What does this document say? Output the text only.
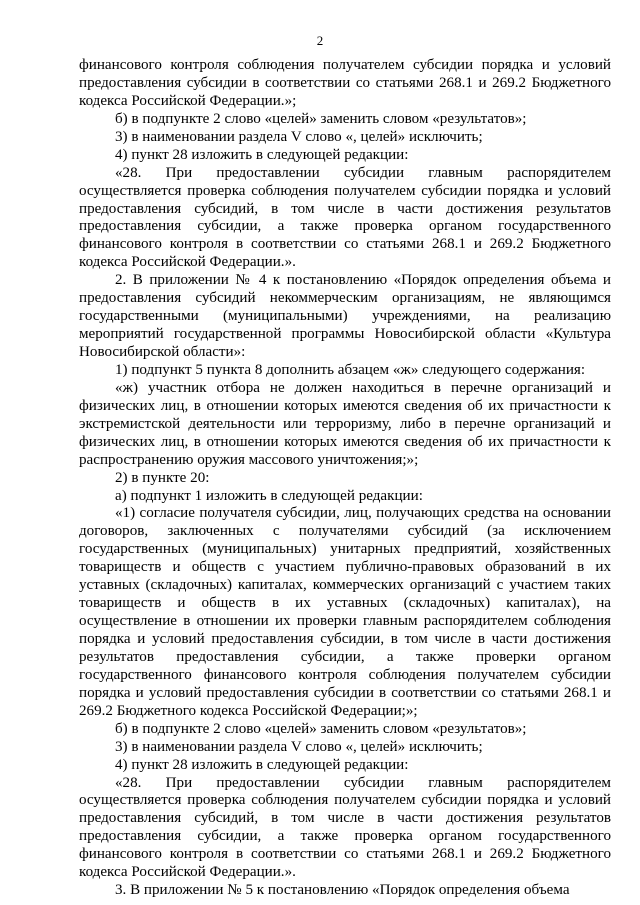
2

финансового контроля соблюдения получателем субсидии порядка и условий предоставления субсидии в соответствии со статьями 268.1 и 269.2 Бюджетного кодекса Российской Федерации.»;

б) в подпункте 2 слово «целей» заменить словом «результатов»;

3) в наименовании раздела V слово «, целей» исключить;

4) пункт 28 изложить в следующей редакции:

«28. При предоставлении субсидии главным распорядителем осуществляется проверка соблюдения получателем субсидии порядка и условий предоставления субсидий, в том числе в части достижения результатов предоставления субсидии, а также проверка органом государственного финансового контроля в соответствии со статьями 268.1 и 269.2 Бюджетного кодекса Российской Федерации.».

2. В приложении № 4 к постановлению «Порядок определения объема и предоставления субсидий некоммерческим организациям, не являющимся государственными (муниципальными) учреждениями, на реализацию мероприятий государственной программы Новосибирской области «Культура Новосибирской области»:

1) подпункт 5 пункта 8 дополнить абзацем «ж» следующего содержания:

«ж) участник отбора не должен находиться в перечне организаций и физических лиц, в отношении которых имеются сведения об их причастности к экстремистской деятельности или терроризму, либо в перечне организаций и физических лиц, в отношении которых имеются сведения об их причастности к распространению оружия массового уничтожения;»;

2) в пункте 20:

а) подпункт 1 изложить в следующей редакции:

«1) согласие получателя субсидии, лиц, получающих средства на основании договоров, заключенных с получателями субсидий (за исключением государственных (муниципальных) унитарных предприятий, хозяйственных товариществ и обществ с участием публично-правовых образований в их уставных (складочных) капиталах, коммерческих организаций с участием таких товариществ и обществ в их уставных (складочных) капиталах), на осуществление в отношении их проверки главным распорядителем соблюдения порядка и условий предоставления субсидии, в том числе в части достижения результатов предоставления субсидии, а также проверки органом государственного финансового контроля соблюдения получателем субсидии порядка и условий предоставления субсидии в соответствии со статьями 268.1 и 269.2 Бюджетного кодекса Российской Федерации;»;

б) в подпункте 2 слово «целей» заменить словом «результатов»;

3) в наименовании раздела V слово «, целей» исключить;

4) пункт 28 изложить в следующей редакции:

«28. При предоставлении субсидии главным распорядителем осуществляется проверка соблюдения получателем субсидии порядка и условий предоставления субсидий, в том числе в части достижения результатов предоставления субсидии, а также проверка органом государственного финансового контроля в соответствии со статьями 268.1 и 269.2 Бюджетного кодекса Российской Федерации.».

3. В приложении № 5 к постановлению «Порядок определения объема
